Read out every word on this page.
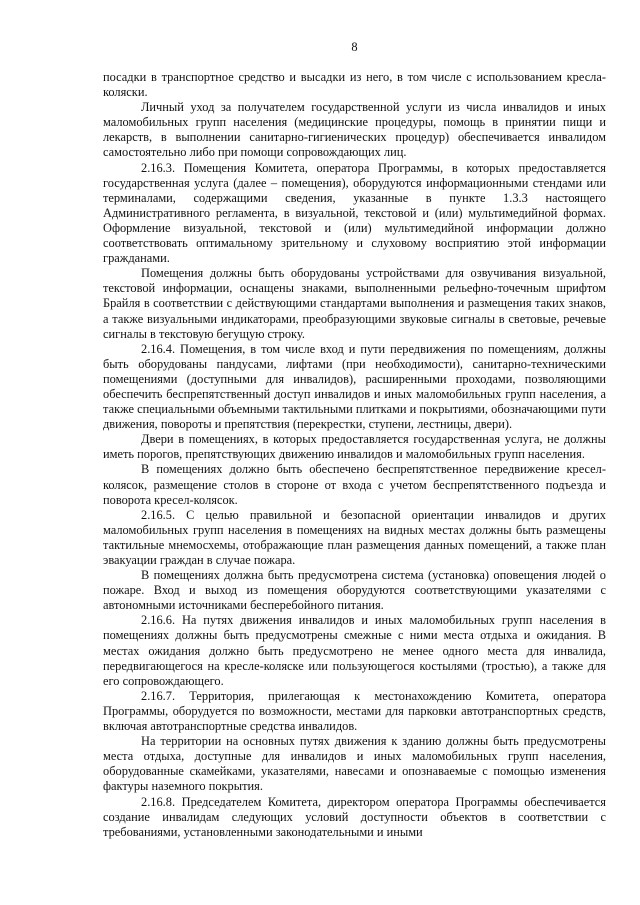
8

посадки в транспортное средство и высадки из него, в том числе с использованием кресла-коляски.

Личный уход за получателем государственной услуги из числа инвалидов и иных маломобильных групп населения (медицинские процедуры, помощь в принятии пищи и лекарств, в выполнении санитарно-гигиенических процедур) обеспечивается инвалидом самостоятельно либо при помощи сопровождающих лиц.

2.16.3. Помещения Комитета, оператора Программы, в которых предоставляется государственная услуга (далее – помещения), оборудуются информационными стендами или терминалами, содержащими сведения, указанные в пункте 1.3.3 настоящего Административного регламента, в визуальной, текстовой и (или) мультимедийной формах. Оформление визуальной, текстовой и (или) мультимедийной информации должно соответствовать оптимальному зрительному и слуховому восприятию этой информации гражданами.

Помещения должны быть оборудованы устройствами для озвучивания визуальной, текстовой информации, оснащены знаками, выполненными рельефно-точечным шрифтом Брайля в соответствии с действующими стандартами выполнения и размещения таких знаков, а также визуальными индикаторами, преобразующими звуковые сигналы в световые, речевые сигналы в текстовую бегущую строку.

2.16.4. Помещения, в том числе вход и пути передвижения по помещениям, должны быть оборудованы пандусами, лифтами (при необходимости), санитарно-техническими помещениями (доступными для инвалидов), расширенными проходами, позволяющими обеспечить беспрепятственный доступ инвалидов и иных маломобильных групп населения, а также специальными объемными тактильными плитками и покрытиями, обозначающими пути движения, повороты и препятствия (перекрестки, ступени, лестницы, двери).

Двери в помещениях, в которых предоставляется государственная услуга, не должны иметь порогов, препятствующих движению инвалидов и маломобильных групп населения.

В помещениях должно быть обеспечено беспрепятственное передвижение кресел-колясок, размещение столов в стороне от входа с учетом беспрепятственного подъезда и поворота кресел-колясок.

2.16.5. С целью правильной и безопасной ориентации инвалидов и других маломобильных групп населения в помещениях на видных местах должны быть размещены тактильные мнемосхемы, отображающие план размещения данных помещений, а также план эвакуации граждан в случае пожара.

В помещениях должна быть предусмотрена система (установка) оповещения людей о пожаре. Вход и выход из помещения оборудуются соответствующими указателями с автономными источниками бесперебойного питания.

2.16.6. На путях движения инвалидов и иных маломобильных групп населения в помещениях должны быть предусмотрены смежные с ними места отдыха и ожидания. В местах ожидания должно быть предусмотрено не менее одного места для инвалида, передвигающегося на кресле-коляске или пользующегося костылями (тростью), а также для его сопровождающего.

2.16.7. Территория, прилегающая к местонахождению Комитета, оператора Программы, оборудуется по возможности, местами для парковки автотранспортных средств, включая автотранспортные средства инвалидов.

На территории на основных путях движения к зданию должны быть предусмотрены места отдыха, доступные для инвалидов и иных маломобильных групп населения, оборудованные скамейками, указателями, навесами и опознаваемые с помощью изменения фактуры наземного покрытия.

2.16.8. Председателем Комитета, директором оператора Программы обеспечивается создание инвалидам следующих условий доступности объектов в соответствии с требованиями, установленными законодательными и иными
